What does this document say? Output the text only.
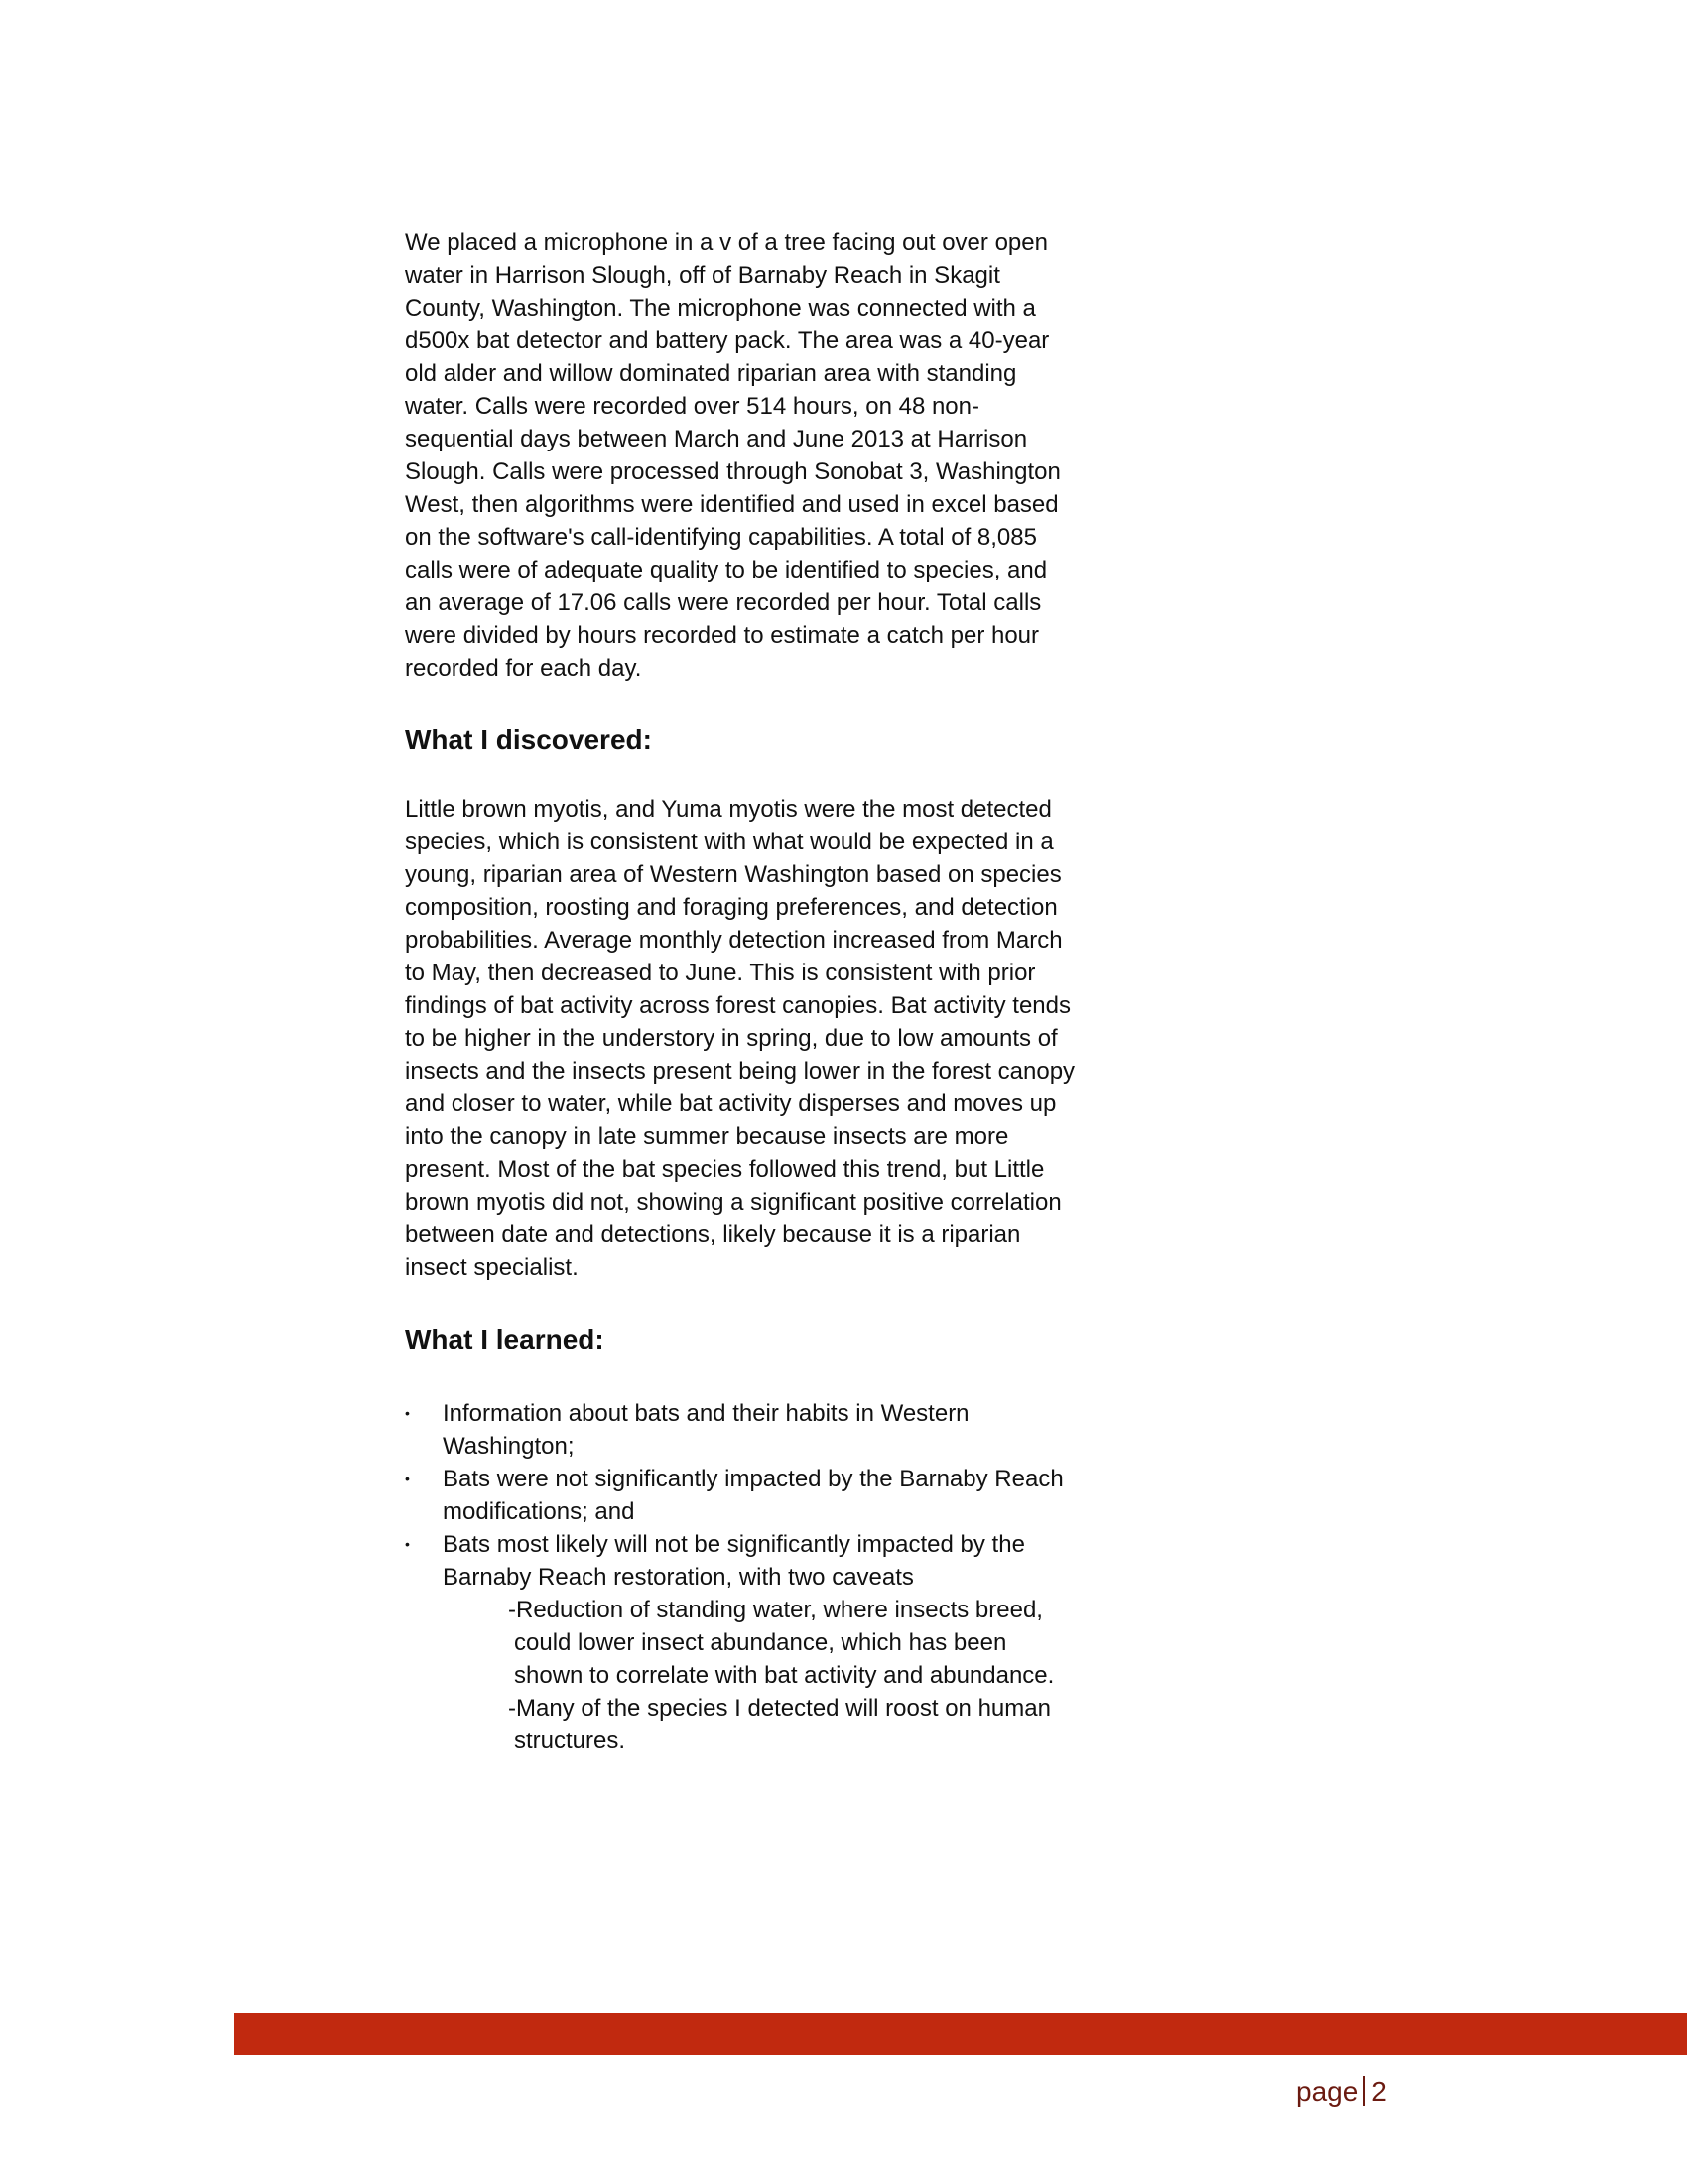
We placed a microphone in a v of a tree facing out over open water in Harrison Slough, off of Barnaby Reach in Skagit County, Washington. The microphone was connected with a d500x bat detector and battery pack. The area was a 40-year old alder and willow dominated riparian area with standing water. Calls were recorded over 514 hours, on 48 non-sequential days between March and June 2013 at Harrison Slough. Calls were processed through Sonobat 3, Washington West, then algorithms were identified and used in excel based on the software's call-identifying capabilities. A total of 8,085 calls were of adequate quality to be identified to species, and an average of 17.06 calls were recorded per hour. Total calls were divided by hours recorded to estimate a catch per hour recorded for each day.

What I discovered:

Little brown myotis, and Yuma myotis were the most detected species, which is consistent with what would be expected in a young, riparian area of Western Washington based on species composition, roosting and foraging preferences, and detection probabilities. Average monthly detection increased from March to May, then decreased to June. This is consistent with prior findings of bat activity across forest canopies. Bat activity tends to be higher in the understory in spring, due to low amounts of insects and the insects present being lower in the forest canopy and closer to water, while bat activity disperses and moves up into the canopy in late summer because insects are more present. Most of the bat species followed this trend, but Little brown myotis did not, showing a significant positive correlation between date and detections, likely because it is a riparian insect specialist.

What I learned:
•	Information about bats and their habits in Western Washington;
•	Bats were not significantly impacted by the Barnaby Reach modifications; and
•	Bats most likely will not be significantly impacted by the Barnaby Reach restoration, with two caveats

-Reduction of standing water, where insects breed, could lower insect abundance, which has been shown to correlate with bat activity and abundance.

-Many of the species I detected will roost on human structures.

page 2
